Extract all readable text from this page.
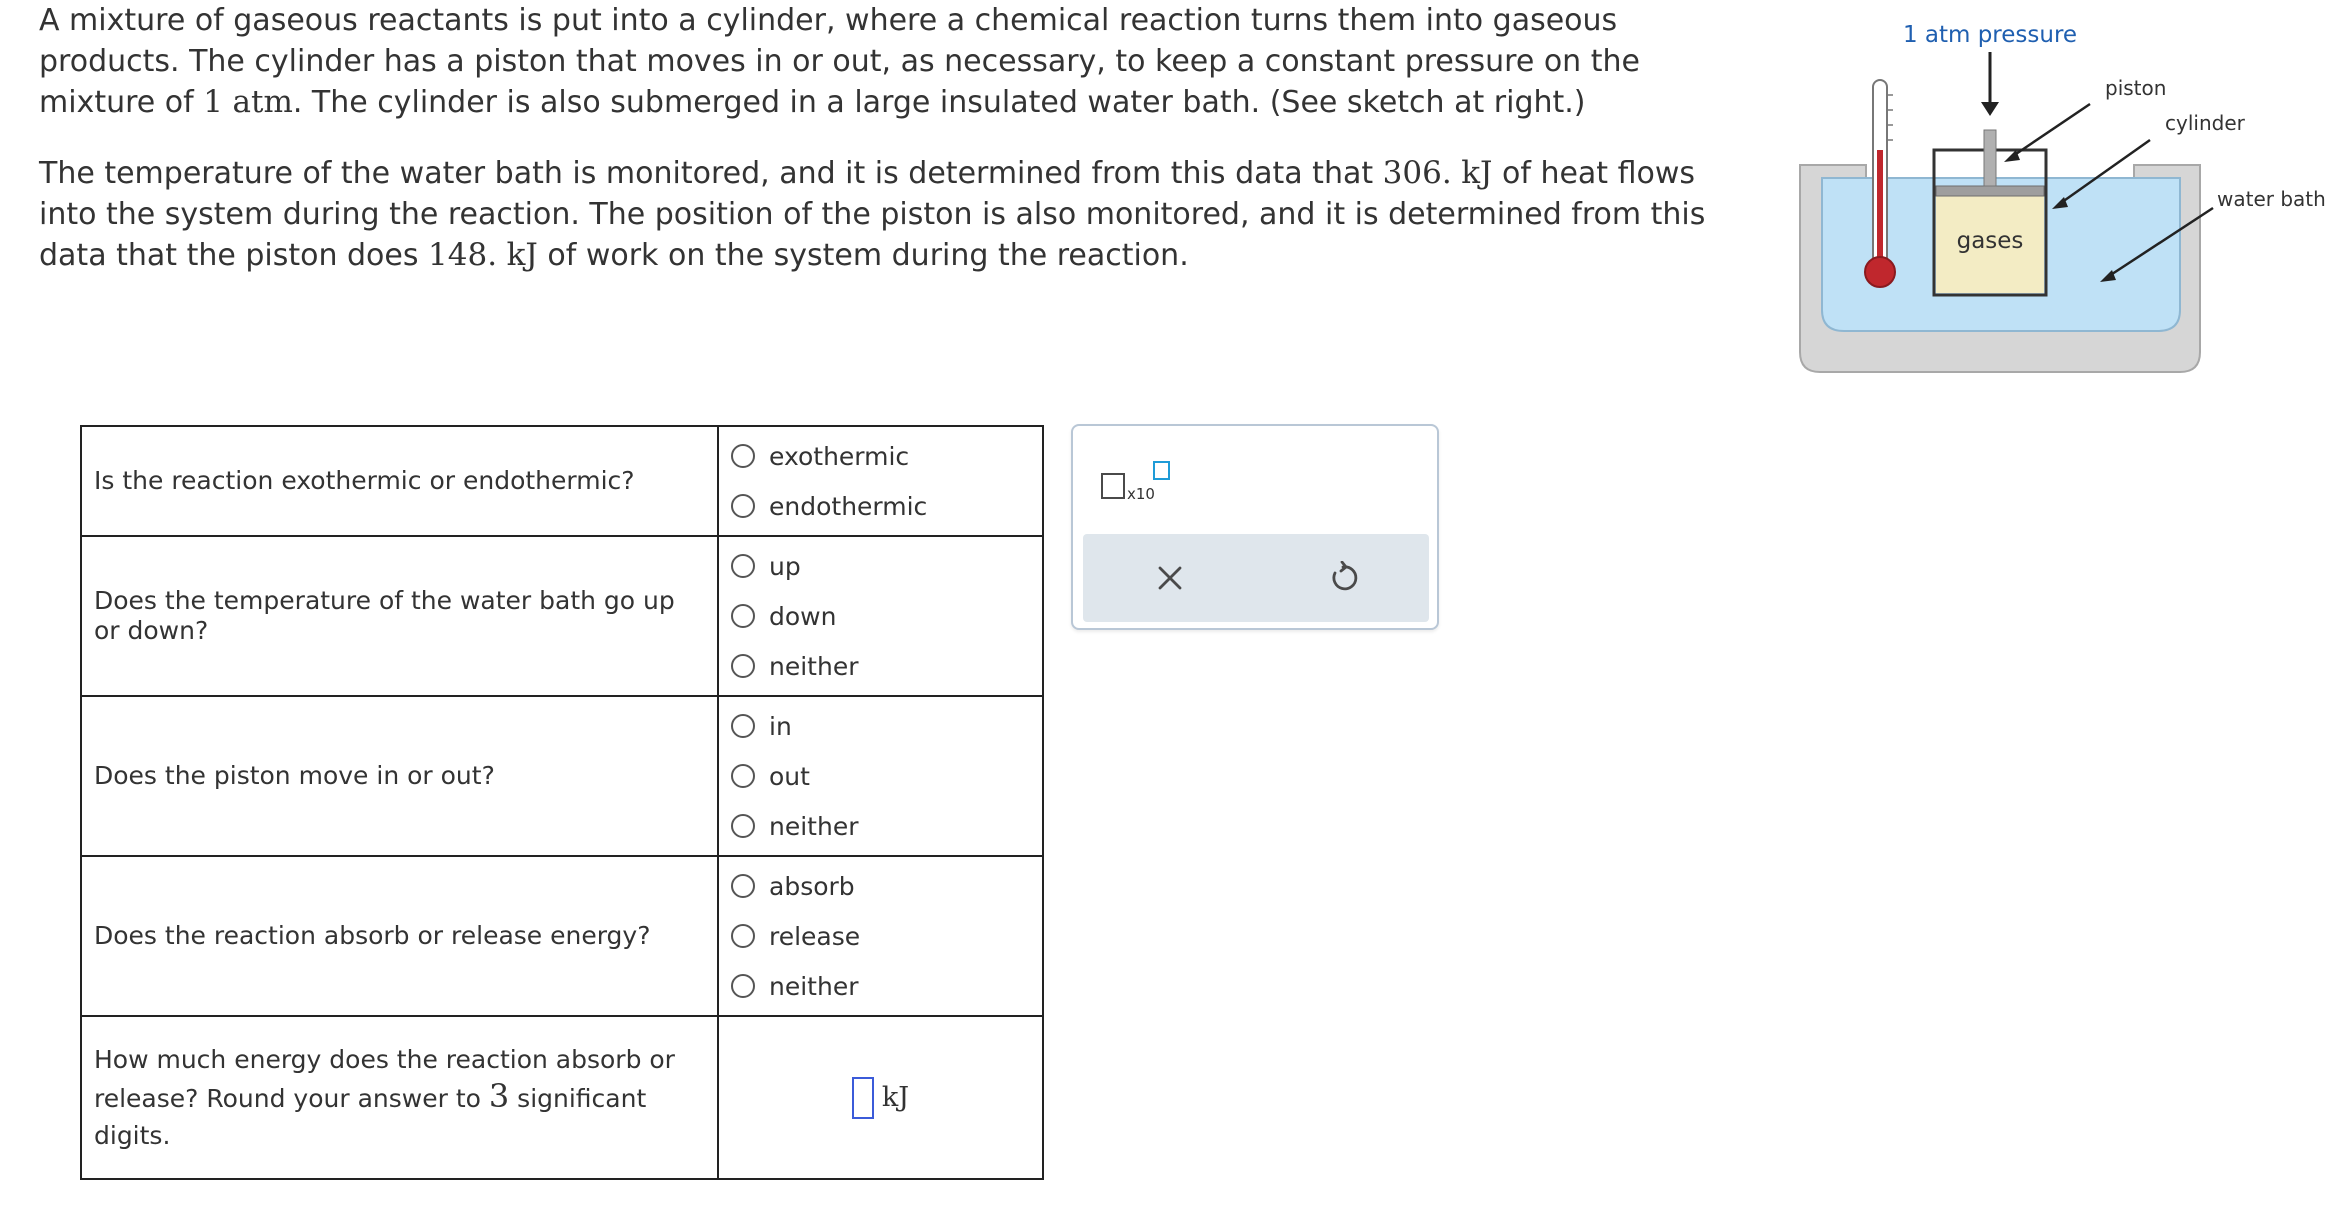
A mixture of gaseous reactants is put into a cylinder, where a chemical reaction turns them into gaseous products. The cylinder has a piston that moves in or out, as necessary, to keep a constant pressure on the mixture of 1 atm. The cylinder is also submerged in a large insulated water bath. (See sketch at right.)

The temperature of the water bath is monitored, and it is determined from this data that 306. kJ of heat flows into the system during the reaction. The position of the piston is also monitored, and it is determined from this data that the piston does 148. kJ of work on the system during the reaction.

1 atm pressure
piston
cylinder
water bath
gases
Is the reaction exothermic or endothermic?	exothermic
endothermic

Does the temperature of the water bath go up or down?	up
down
neither

Does the piston move in or out?	in
out
neither

Does the reaction absorb or release energy?	absorb
release
neither

How much energy does the reaction absorb or release? Round your answer to 3 significant digits.	kJ
x10
